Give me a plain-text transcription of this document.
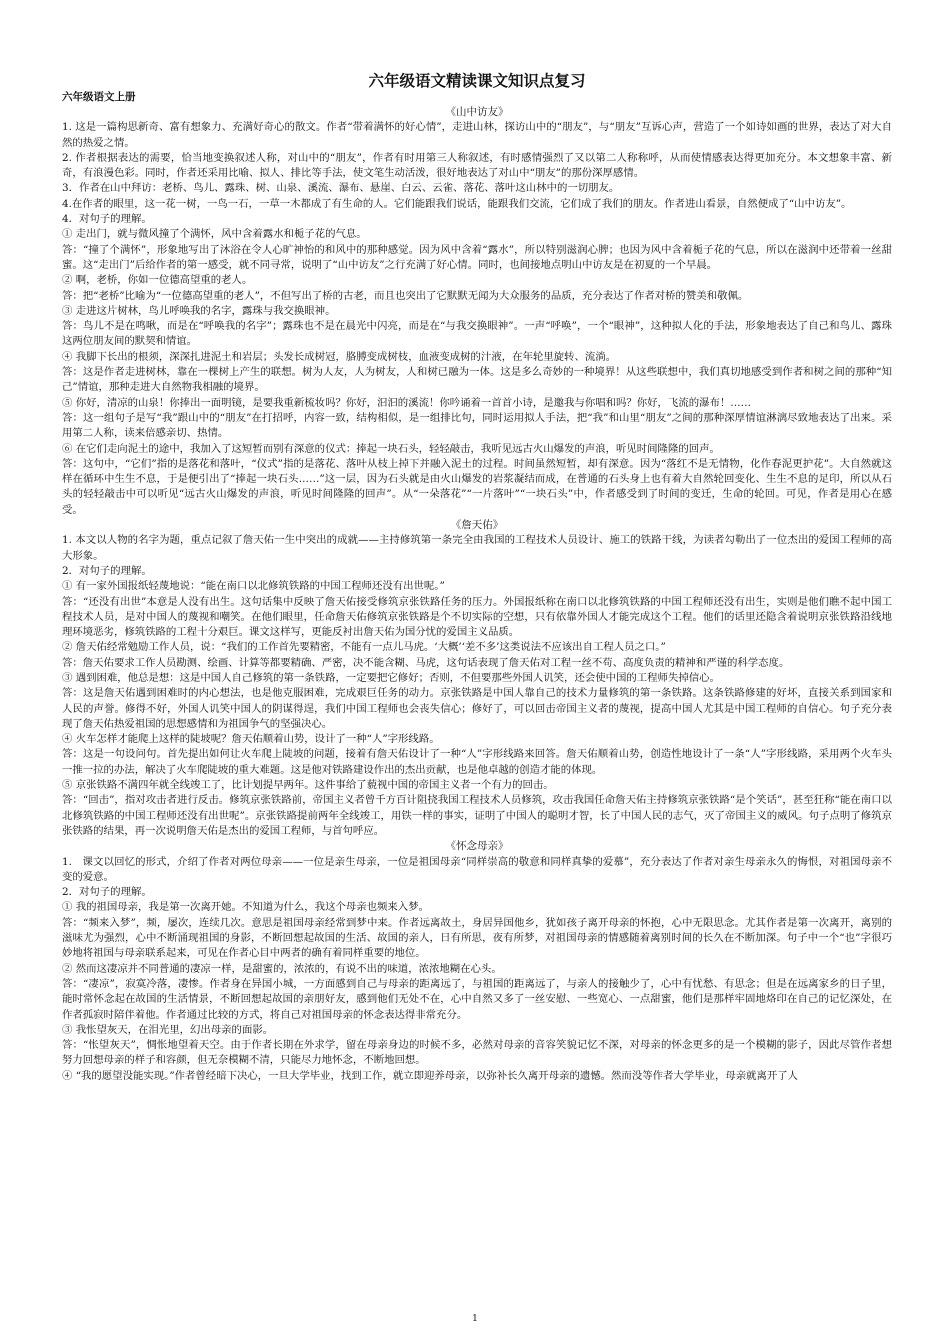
六年级语文精读课文知识点复习
六年级语文上册
《山中访友》

1. 这是一篇构思新奇、富有想象力、充满好奇心的散文。作者“带着满怀的好心情”，走进山林，探访山中的“朋友”，与“朋友”互诉心声，营造了一个如诗如画的世界，表达了对大自然的热爱之情。

2. 作者根据表达的需要，恰当地变换叙述人称，对山中的“朋友”，作者有时用第三人称叙述，有时感情强烈了又以第二人称称呼，从而使情感表达得更加充分。本文想象丰富、新奇，有浪漫色彩。同时，作者还采用比喻、拟人、排比等手法，使文笔生动活泼，很好地表达了对山中“朋友”的那份深厚感情。

3．作者在山中拜访：老桥、鸟儿、露珠、树、山泉、溪流、瀑布、悬崖、白云、云雀、落花、落叶这山林中的一切朋友。

4.在作者的眼里，这一花一树，一鸟一石，一草一木都成了有生命的人。它们能跟我们说话，能跟我们交流，它们成了我们的朋友。作者进山看景，自然便成了“山中访友”。

4．对句子的理解。

① 走出门，就与微风撞了个满怀，风中含着露水和栀子花的气息。

答：“撞了个满怀”，形象地写出了沐浴在令人心旷神怡的和风中的那种感觉。因为风中含着“露水”，所以特别滋润心脾；也因为风中含着栀子花的气息，所以在滋润中还带着一丝甜蜜。这“走出门”后给作者的第一感受，就不同寻常，说明了“山中访友”之行充满了好心情。同时，也间接地点明山中访友是在初夏的一个早晨。

② 啊，老桥，你如一位德高望重的老人。

答：把“老桥”比喻为“一位德高望重的老人”，不但写出了桥的古老，而且也突出了它默默无闻为大众服务的品质，充分表达了作者对桥的赞美和敬佩。

③ 走进这片树林，鸟儿呼唤我的名字，露珠与我交换眼神。

答：鸟儿不是在鸣啾，而是在“呼唤我的名字”；露珠也不是在晨光中闪亮，而是在“与我交换眼神”。一声“呼唤”，一个“眼神”，这种拟人化的手法，形象地表达了自己和鸟儿、露珠这两位朋友间的默契和情谊。

④ 我脚下长出的根须，深深扎进泥土和岩层；头发长成树冠，胳膊变成树枝，血液变成树的汁液，在年轮里旋转、流淌。

答：这是作者走进树林，靠在一棵树上产生的联想。树为人友，人为树友，人和树已融为一体。这是多么奇妙的一种境界！从这些联想中，我们真切地感受到作者和树之间的那种“知己”情谊，那种走进大自然物我相融的境界。

⑤ 你好，清凉的山泉！你捧出一面明镜，是要我重新梳妆吗？你好，汩汩的溪流！你吟诵着一首首小诗，是邀我与你唱和吗？你好，飞流的瀑布！……

答：这一组句子是写“我”跟山中的“朋友”在打招呼，内容一致，结构相似，是一组排比句，同时运用拟人手法，把“我”和山里“朋友”之间的那种深厚情谊淋漓尽致地表达了出来。采用第二人称，读来倍感亲切、热情。

⑥ 在它们走向泥土的途中，我加入了这短暂而别有深意的仪式：捧起一块石头，轻轻敲击，我听见远古火山爆发的声浪，听见时间隆隆的回声。

答：这句中，“它们”指的是落花和落叶，“仪式”指的是落花、落叶从枝上掉下并融入泥土的过程。时间虽然短暂，却有深意。因为“落红不是无情物，化作春泥更护花”。大自然就这样在循环中生生不息，于是便引出了“捧起一块石头……”这一层，因为石头就是由火山爆发的岩浆凝结而成，在普通的石头身上也有着大自然轮回变化、生生不息的足印，所以从石头的轻轻敲击中可以听见“远古火山爆发的声浪，听见时间隆隆的回声”。从“一朵落花”“一片落叶”“一块石头”中，作者感受到了时间的变迁，生命的轮回。可见，作者是用心在感受。

《詹天佑》

1. 本文以人物的名字为题，重点记叙了詹天佑一生中突出的成就——主持修筑第一条完全由我国的工程技术人员设计、施工的铁路干线，为读者勾勒出了一位杰出的爱国工程师的高大形象。

2．对句子的理解。

① 有一家外国报纸轻蔑地说：“能在南口以北修筑铁路的中国工程师还没有出世呢。”

答：“还没有出世”本意是人没有出生。这句话集中反映了詹天佑接受修筑京张铁路任务的压力。外国报纸称在南口以北修筑铁路的中国工程师还没有出生，实则是他们瞧不起中国工程技术人员，是对中国人的蔑视和嘲笑。在他们眼里，任命詹天佑修筑京张铁路是个不切实际的空想，只有依靠外国人才能完成这个工程。他们的话里还隐含着说明京张铁路沿线地理环境恶劣，修筑铁路的工程十分艰巨。课文这样写，更能反衬出詹天佑为国分忧的爱国主义品质。

② 詹天佑经常勉励工作人员，说：“我们的工作首先要精密，不能有一点儿马虎。‘大概’‘差不多’这类说法不应该出自工程人员之口。”

答：詹天佑要求工作人员勘测、绘画、计算等都要精确、严密，决不能含糊、马虎，这句话表现了詹天佑对工程一丝不苟、高度负责的精神和严谨的科学态度。

③ 遇到困难，他总是想：这是中国人自己修筑的第一条铁路，一定要把它修好；否则，不但要那些外国人讥笑，还会使中国的工程师失掉信心。

答：这是詹天佑遇到困难时的内心想法，也是他克服困难，完成艰巨任务的动力。京张铁路是中国人靠自己的技术力量修筑的第一条铁路。这条铁路修建的好坏，直接关系到国家和人民的声誉。修得不好，外国人讥笑中国人的阴谋得逞，我们中国工程师也会丧失信心；修好了，可以回击帝国主义者的蔑视，提高中国人尤其是中国工程师的自信心。句子充分表现了詹天佑热爱祖国的思想感情和为祖国争气的坚强决心。

④ 火车怎样才能爬上这样的陡坡呢？詹天佑顺着山势，设计了一种“人”字形线路。

答：这是一句设问句。首先提出如何让火车爬上陡坡的问题，接着有詹天佑设计了一种“人”字形线路来回答。詹天佑顺着山势，创造性地设计了一条“人”字形线路，采用两个火车头一推一拉的办法，解决了火车爬陡坡的重大难题。这是他对铁路建设作出的杰出贡献，也是他卓越的创造才能的体现。

⑤ 京张铁路不满四年就全线竣工了，比计划提早两年。这件事给了藐视中国的帝国主义者一个有力的回击。

答：“回击”，指对攻击者进行反击。修筑京张铁路前，帝国主义者曾千方百计阻挠我国工程技术人员修筑，攻击我国任命詹天佑主持修筑京张铁路“是个笑话”，甚至狂称“能在南口以北修筑铁路的中国工程师还没有出世呢”。京张铁路提前两年全线竣工，用铁一样的事实，证明了中国人的聪明才智，长了中国人民的志气，灭了帝国主义的威风。句子点明了修筑京张铁路的结果，再一次说明詹天佑是杰出的爱国工程师，与首句呼应。

《怀念母亲》

1.　课文以回忆的形式，介绍了作者对两位母亲——一位是亲生母亲，一位是祖国母亲“同样崇高的敬意和同样真挚的爱慕”，充分表达了作者对亲生母亲永久的悔恨，对祖国母亲不变的爱意。

2．对句子的理解。

① 我的祖国母亲，我是第一次离开她。不知道为什么，我这个母亲也频来入梦。

答：“频来入梦”，频，屡次，连续几次。意思是祖国母亲经常到梦中来。作者远离故土，身居异国他乡，犹如孩子离开母亲的怀抱，心中无限思念。尤其作者是第一次离开，离别的滋味尤为强烈，心中不断涌现祖国的身影，不断回想起故国的生活、故国的亲人，日有所思，夜有所梦，对祖国母亲的情感随着离别时间的长久在不断加深。句子中一个“也”字很巧妙地将祖国与母亲联系起来，可见在作者心目中两者的确有着同样重要的地位。

② 然而这凄凉并不同普通的凄凉一样，是甜蜜的，浓浓的，有说不出的味道，浓浓地糊在心头。

答：“凄凉”，寂寞冷落，凄惨。作者身在异国小城，一方面感到自己与母亲的距离远了，与祖国的距离远了，与亲人的接触少了，心中有忧愁、有思念；但是在远离家乡的日子里，能时常怀念起在故国的生活情景，不断回想起故国的亲朋好友，感到他们无处不在，心中自然又多了一丝安慰、一些宽心、一点甜蜜，他们是那样牢固地烙印在自己的记忆深处，在作者孤寂时陪伴着他。作者通过比较的方式，将自己对祖国母亲的怀念表达得非常充分。

③ 我怅望灰天，在泪光里，幻出母亲的面影。

答：“怅望灰天”，惆怅地望着天空。由于作者长期在外求学，留在母亲身边的时候不多，必然对母亲的音容笑貌记忆不深，对母亲的怀念更多的是一个模糊的影子，因此尽管作者想努力回想母亲的样子和容颜，但无奈模糊不清，只能尽力地怀念，不断地回想。

④ “我的愿望没能实现。”作者曾经暗下决心，一旦大学毕业，找到工作，就立即迎养母亲，以弥补长久离开母亲的遗憾。然而没等作者大学毕业，母亲就离开了人

1
